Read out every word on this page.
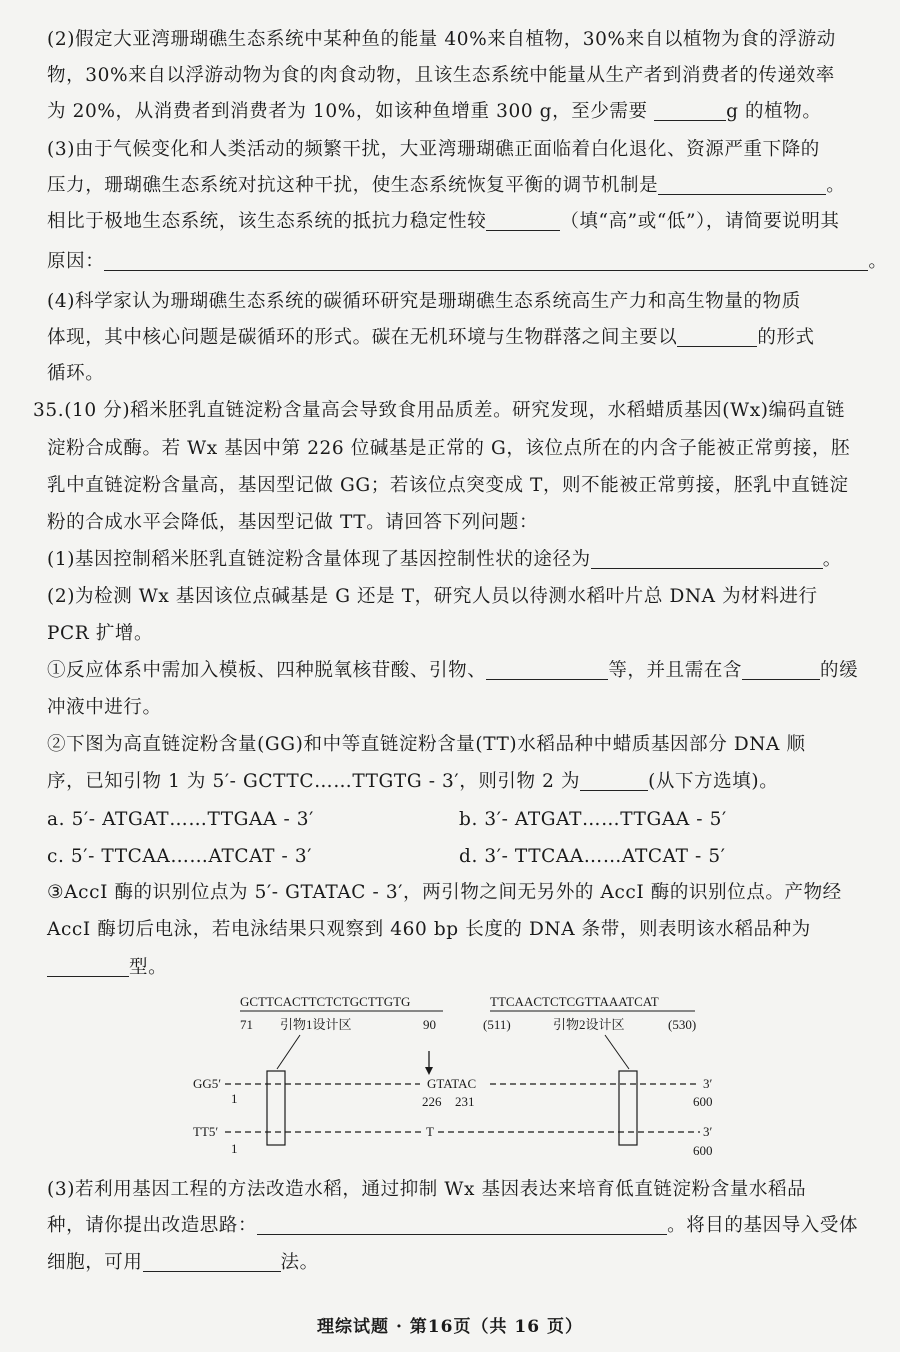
(2)假定大亚湾珊瑚礁生态系统中某种鱼的能量 40%来自植物，30%来自以植物为食的浮游动
物，30%来自以浮游动物为食的肉食动物，且该生态系统中能量从生产者到消费者的传递效率
为 20%，从消费者到消费者为 10%，如该种鱼增重 300 g，至少需要	g 的植物。
(3)由于气候变化和人类活动的频繁干扰，大亚湾珊瑚礁正面临着白化退化、资源严重下降的
压力，珊瑚礁生态系统对抗这种干扰，使生态系统恢复平衡的调节机制是	。
相比于极地生态系统，该生态系统的抵抗力稳定性较	（填“高”或“低”），请简要说明其
原因：	。
(4)科学家认为珊瑚礁生态系统的碳循环研究是珊瑚礁生态系统高生产力和高生物量的物质
体现，其中核心问题是碳循环的形式。碳在无机环境与生物群落之间主要以	的形式
循环。
35.(10 分)稻米胚乳直链淀粉含量高会导致食用品质差。研究发现，水稻蜡质基因(Wx)编码直链
淀粉合成酶。若 Wx 基因中第 226 位碱基是正常的 G，该位点所在的内含子能被正常剪接，胚
乳中直链淀粉含量高，基因型记做 GG；若该位点突变成 T，则不能被正常剪接，胚乳中直链淀
粉的合成水平会降低，基因型记做 TT。请回答下列问题：
(1)基因控制稻米胚乳直链淀粉含量体现了基因控制性状的途径为	。
(2)为检测 Wx 基因该位点碱基是 G 还是 T，研究人员以待测水稻叶片总 DNA 为材料进行
PCR 扩增。
①反应体系中需加入模板、四种脱氧核苷酸、引物、	等，并且需在含	的缓
冲液中进行。
②下图为高直链淀粉含量(GG)和中等直链淀粉含量(TT)水稻品种中蜡质基因部分 DNA 顺
序，已知引物 1 为 5′- GCTTC……TTGTG - 3′，则引物 2 为	(从下方选填)。
a. 5′- ATGAT……TTGAA - 3′	b. 3′- ATGAT……TTGAA - 5′
c. 5′- TTCAA……ATCAT - 3′	d. 3′- TTCAA……ATCAT - 5′
③AccI 酶的识别位点为 5′- GTATAC - 3′，两引物之间无另外的 AccI 酶的识别位点。产物经
AccI 酶切后电泳，若电泳结果只观察到 460 bp 长度的 DNA 条带，则表明该水稻品种为
型。
GCTTCACTTCTCTGCTTGTG
71 引物1设计区	90
TTCAACTCTCGTTAAATCAT
(511)	引物2设计区	(530)
GG5′	3′
1
GTATAC
226 231	600
TT5′	T	3′
1	600
(3)若利用基因工程的方法改造水稻，通过抑制 Wx 基因表达来培育低直链淀粉含量水稻品
种，请你提出改造思路：	。将目的基因导入受体
细胞，可用	法。
理综试题 · 第16页（共 16 页）
